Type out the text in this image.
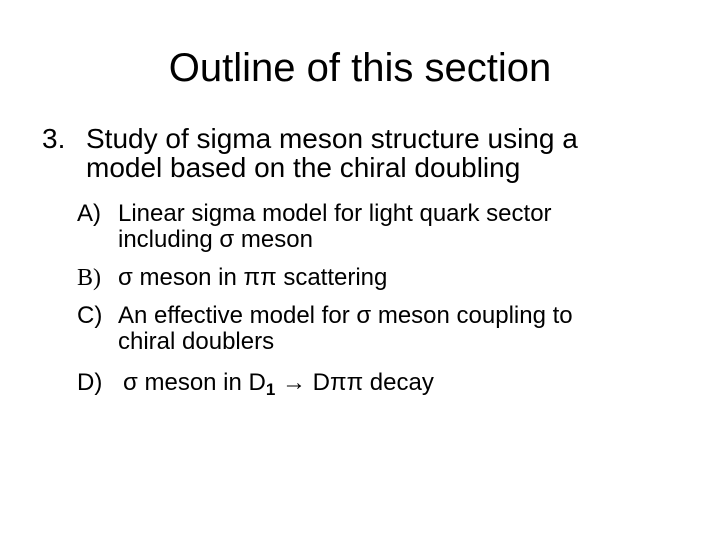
Outline of this section
3. Study of sigma meson structure using a
model based on the chiral doubling
A) Linear sigma model for light quark sector
including σ meson
B) σ meson in ππ scattering
C) An effective model for σ meson coupling to
chiral doublers
D) σ meson in $D_1 \to D\pi\pi$ decay
